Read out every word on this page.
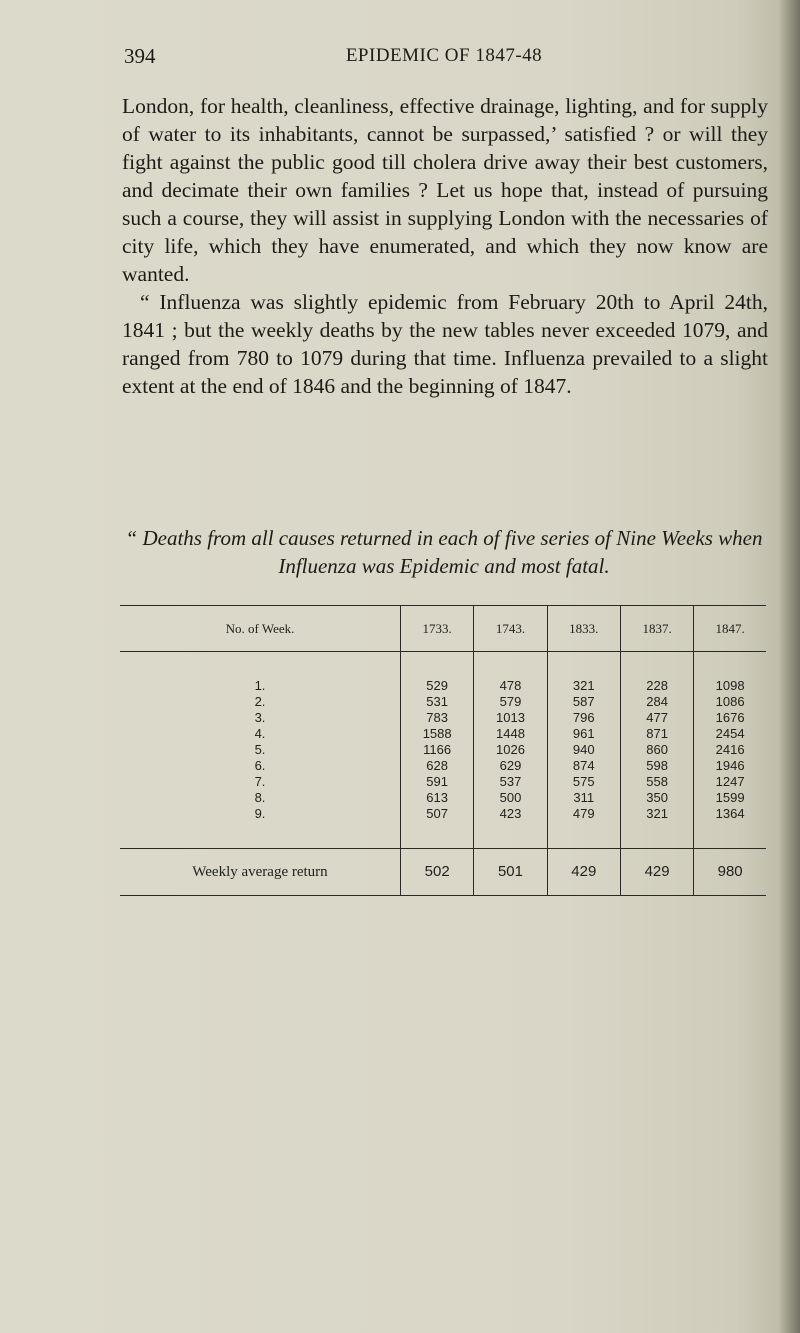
394	EPIDEMIC OF 1847-48

London, for health, cleanliness, effective drainage, lighting, and for supply of water to its inhabitants, cannot be surpassed,’ satisfied ? or will they fight against the public good till cholera drive away their best customers, and decimate their own families ? Let us hope that, instead of pursuing such a course, they will assist in supplying London with the necessaries of city life, which they have enumerated, and which they now know are wanted.

“ Influenza was slightly epidemic from February 20th to April 24th, 1841 ; but the weekly deaths by the new tables never exceeded 1079, and ranged from 780 to 1079 during that time. Influenza prevailed to a slight extent at the end of 1846 and the beginning of 1847.

“ Deaths from all causes returned in each of five series of Nine Weeks when Influenza was Epidemic and most fatal.
No. of Week.	1733.	1743.	1833.	1837.	1847.
1.	529	478	321	228	1098
2.	531	579	587	284	1086
3.	783	1013	796	477	1676
4.	1588	1448	961	871	2454
5.	1166	1026	940	860	2416
6.	628	629	874	598	1946
7.	591	537	575	558	1247
8.	613	500	311	350	1599
9.	507	423	479	321	1364
Weekly average return	502	501	429	429	980
